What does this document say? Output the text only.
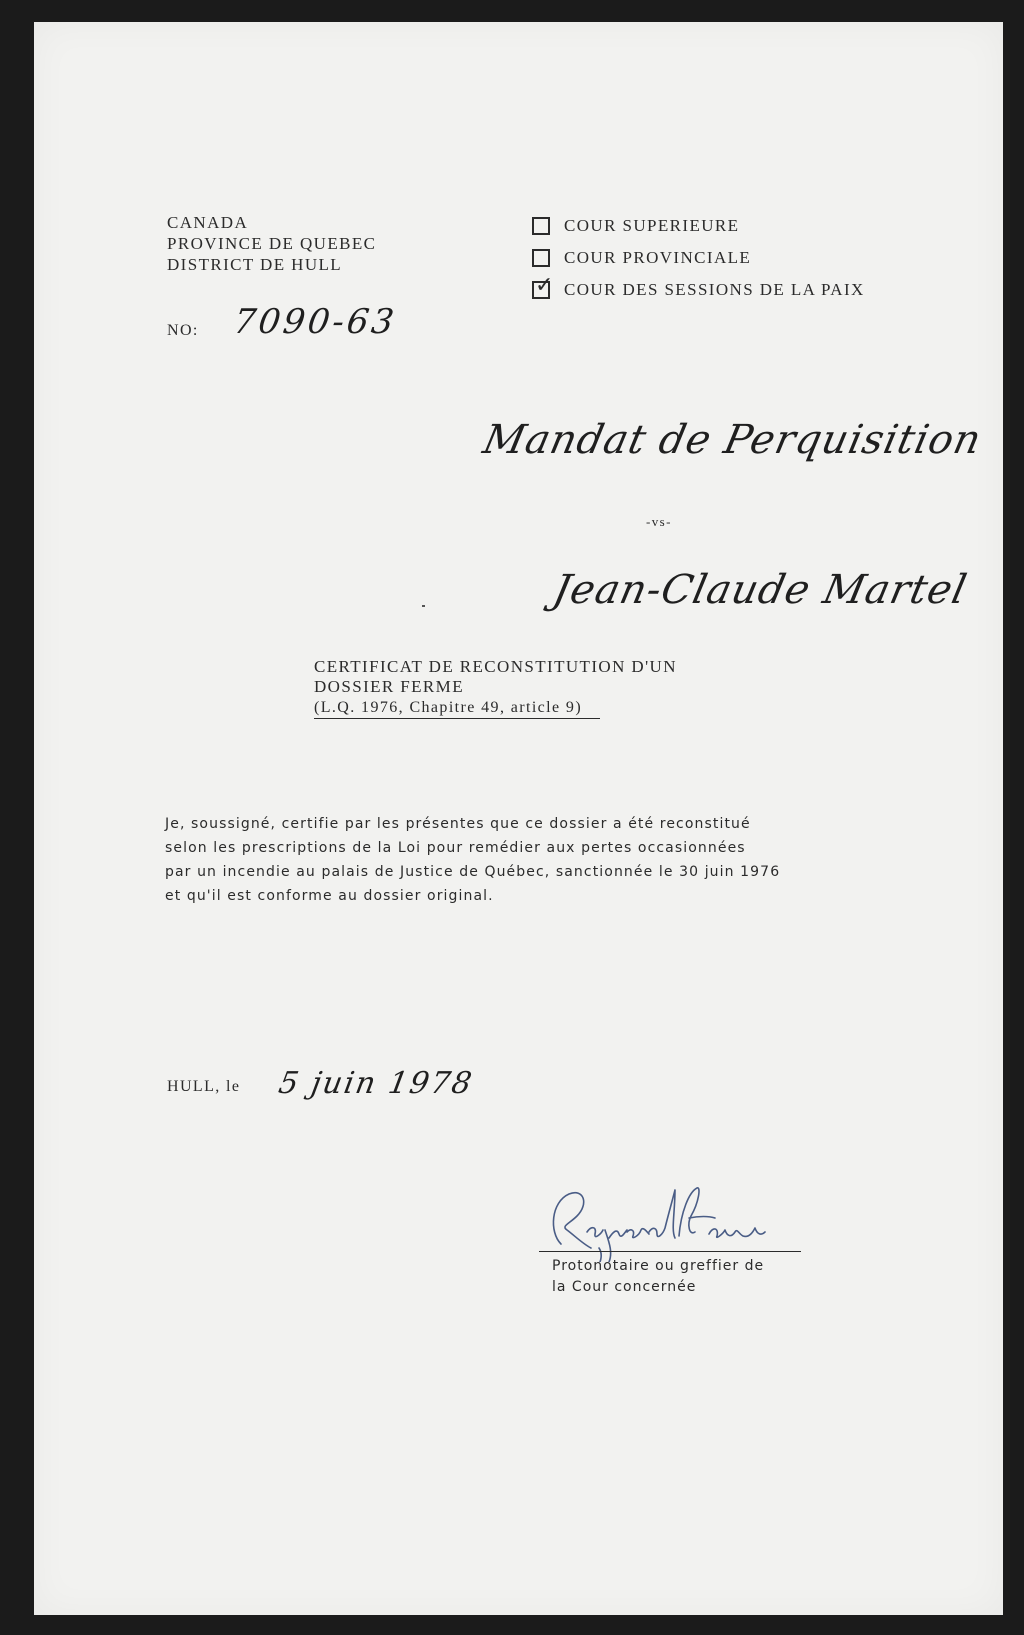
CANADA
PROVINCE DE QUEBEC
DISTRICT DE HULL
NO: 7090-63
COUR SUPERIEURE
COUR PROVINCIALE
✓ COUR DES SESSIONS DE LA PAIX
Mandat de Perquisition
-vs-
Jean-Claude Martel
CERTIFICAT DE RECONSTITUTION D'UN
DOSSIER FERME
(L.Q. 1976, Chapitre 49, article 9)
Je, soussigné, certifie par les présentes que ce dossier a été reconstitué
selon les prescriptions de la Loi pour remédier aux pertes occasionnées
par un incendie au palais de Justice de Québec, sanctionnée le 30 juin 1976
et qu'il est conforme au dossier original.
HULL, le 5 juin 1978
Protonotaire ou greffier de
la Cour concernée
